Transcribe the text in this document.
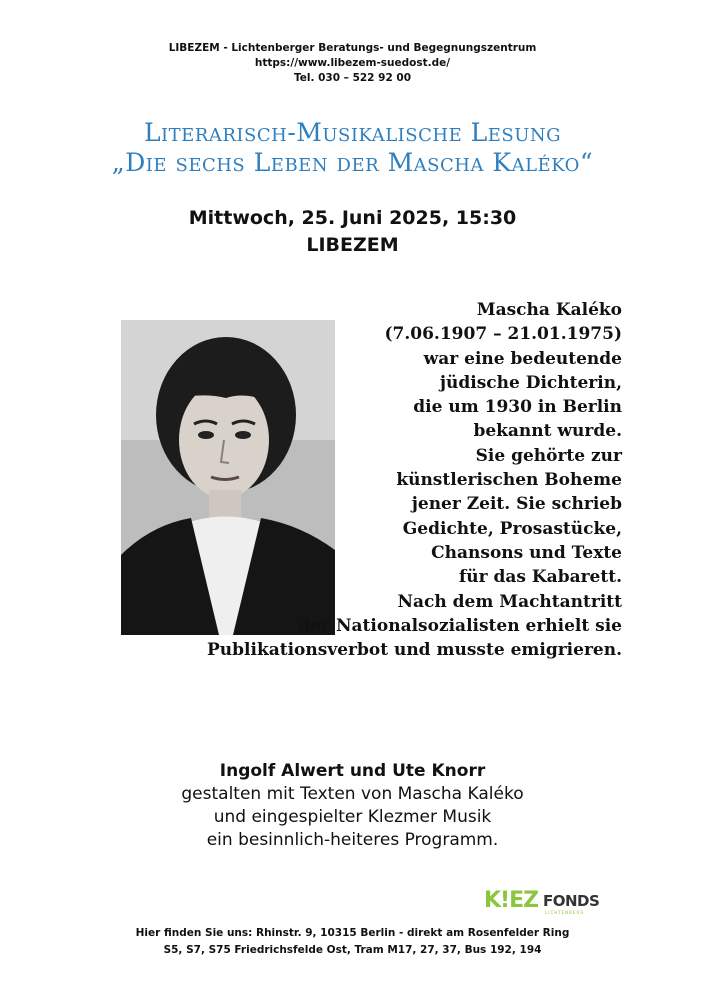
LIBEZEM - Lichtenberger Beratungs- und Begegnungszentrum
https://www.libezem-suedost.de/
Tel. 030 – 522 92 00
Literarisch-Musikalische Lesung
„Die sechs Leben der Mascha Kaléko“
Mittwoch, 25. Juni 2025, 15:30
LIBEZEM
Mascha Kaléko
(7.06.1907 – 21.01.1975)
war eine bedeutende
jüdische Dichterin,
die um 1930 in Berlin
bekannt wurde.
Sie gehörte zur
künstlerischen Boheme
jener Zeit. Sie schrieb
Gedichte, Prosastücke,
Chansons und Texte
für das Kabarett.
Nach dem Machtantritt
der Nationalsozialisten erhielt sie
Publikationsverbot und musste emigrieren.
Ingolf Alwert und Ute Knorr
gestalten mit Texten von Mascha Kaléko
und eingespielter Klezmer Musik
ein besinnlich-heiteres Programm.
K!EZ FONDS
LICHTENBERG
Hier finden Sie uns: Rhinstr. 9, 10315 Berlin - direkt am Rosenfelder Ring
S5, S7, S75 Friedrichsfelde Ost, Tram M17, 27, 37, Bus 192, 194
